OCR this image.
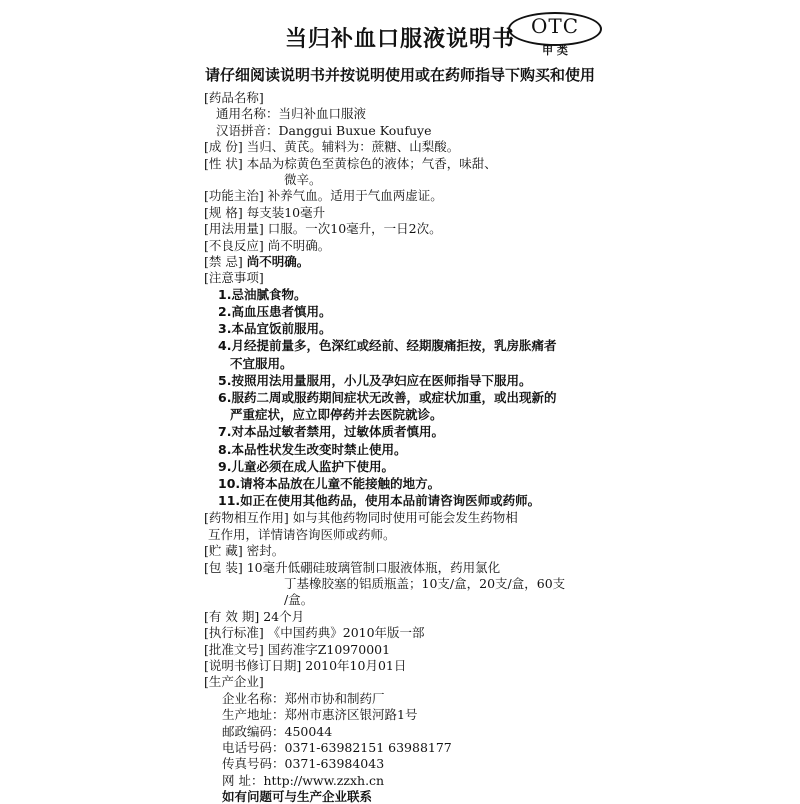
当归补血口服液说明书
OTC
甲 类
请仔细阅读说明书并按说明使用或在药师指导下购买和使用
[药品名称]
通用名称：当归补血口服液
汉语拼音：Danggui Buxue Koufuye
[成 份] 当归、黄芪。辅料为：蔗糖、山梨酸。
[性 状] 本品为棕黄色至黄棕色的液体；气香，味甜、
微辛。
[功能主治] 补养气血。适用于气血两虚证。
[规 格] 每支装10毫升
[用法用量] 口服。一次10毫升，一日2次。
[不良反应] 尚不明确。
[禁 忌] 尚不明确。
[注意事项]
1.忌油腻食物。
2.高血压患者慎用。
3.本品宜饭前服用。
4.月经提前量多，色深红或经前、经期腹痛拒按，乳房胀痛者
不宜服用。
5.按照用法用量服用，小儿及孕妇应在医师指导下服用。
6.服药二周或服药期间症状无改善，或症状加重，或出现新的
严重症状，应立即停药并去医院就诊。
7.对本品过敏者禁用，过敏体质者慎用。
8.本品性状发生改变时禁止使用。
9.儿童必须在成人监护下使用。
10.请将本品放在儿童不能接触的地方。
11.如正在使用其他药品，使用本品前请咨询医师或药师。
[药物相互作用] 如与其他药物同时使用可能会发生药物相
互作用，详情请咨询医师或药师。
[贮 藏] 密封。
[包 装] 10毫升低硼硅玻璃管制口服液体瓶，药用氯化
丁基橡胶塞的铝质瓶盖；10支/盒，20支/盒，60支
/盒。
[有 效 期] 24个月
[执行标准] 《中国药典》2010年版一部
[批准文号] 国药准字Z10970001
[说明书修订日期] 2010年10月01日
[生产企业]
企业名称：郑州市协和制药厂
生产地址：郑州市惠济区银河路1号
邮政编码：450044
电话号码：0371-63982151 63988177
传真号码：0371-63984043
网 址：http://www.zzxh.cn
如有问题可与生产企业联系
